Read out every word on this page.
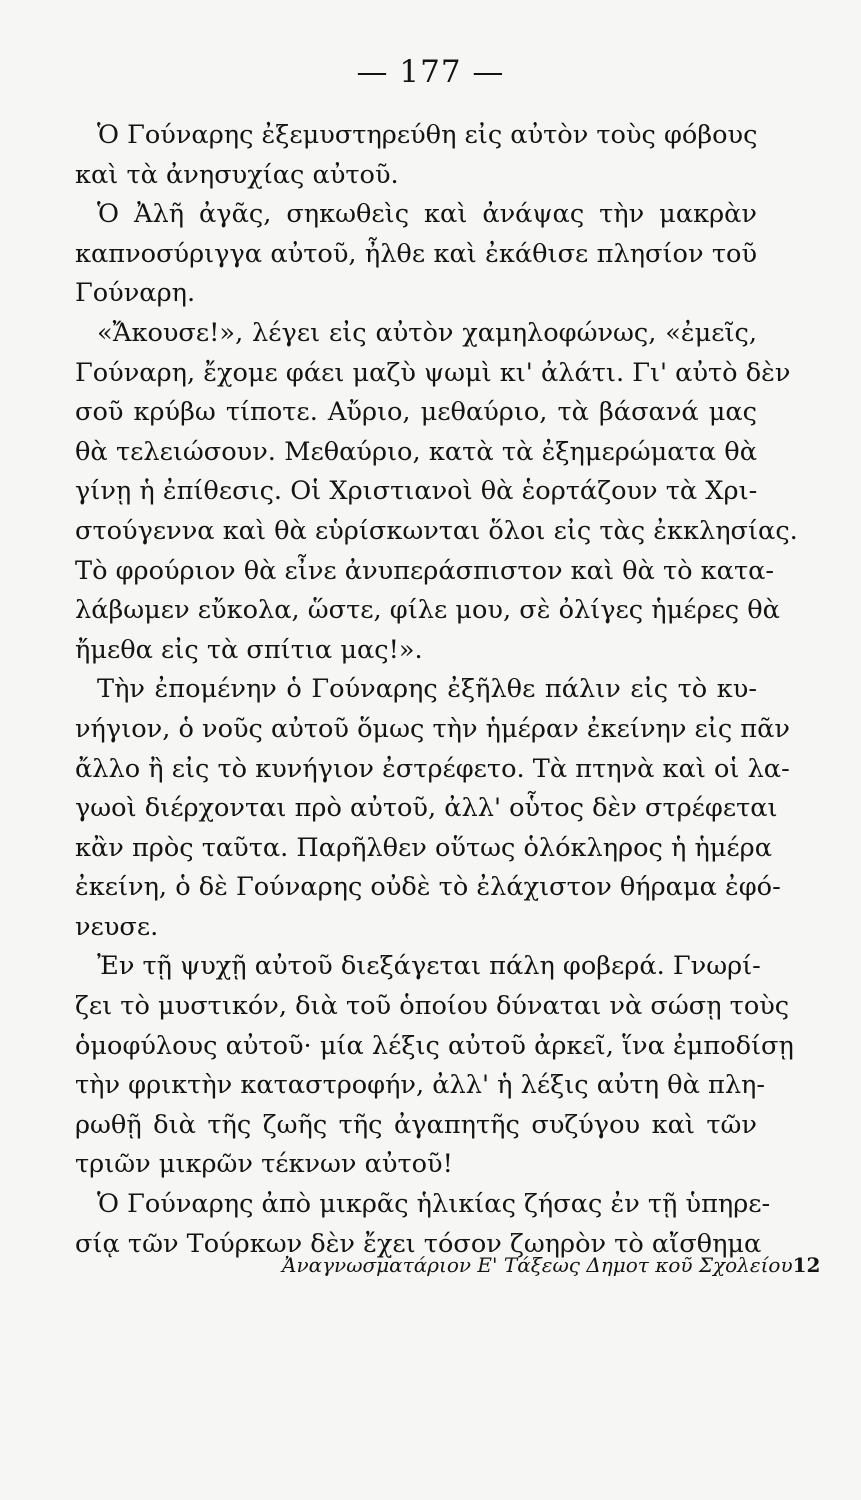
— 177 —
Ὁ Γούναρης ἐξεμυστηρεύθη εἰς αὐτὸν τοὺς φόβους
καὶ τὰ ἀνησυχίας αὐτοῦ.
Ὁ Ἀλῆ ἀγᾶς, σηκωθεὶς καὶ ἀνάψας τὴν μακρὰν
καπνοσύριγγα αὐτοῦ, ἦλθε καὶ ἐκάθισε πλησίον τοῦ
Γούναρη.
«Ἄκουσε!», λέγει εἰς αὐτὸν χαμηλοφώνως, «ἐμεῖς,
Γούναρη, ἔχομε φάει μαζὺ ψωμὶ κι' ἀλάτι. Γι' αὐτὸ δὲν
σοῦ κρύβω τίποτε. Αὔριο, μεθαύριο, τὰ βάσανά μας
θὰ τελειώσουν. Μεθαύριο, κατὰ τὰ ἐξημερώματα θὰ
γίνῃ ἡ ἐπίθεσις. Οἱ Χριστιανοὶ θὰ ἑορτάζουν τὰ Χρι-
στούγεννα καὶ θὰ εὑρίσκωνται ὅλοι εἰς τὰς ἐκκλησίας.
Τὸ φρούριον θὰ εἶνε ἀνυπεράσπιστον καὶ θὰ τὸ κατα-
λάβωμεν εὔκολα, ὥστε, φίλε μου, σὲ ὀλίγες ἡμέρες θὰ
ἤμεθα εἰς τὰ σπίτια μας!».
Τὴν ἐπομένην ὁ Γούναρης ἐξῆλθε πάλιν εἰς τὸ κυ-
νήγιον, ὁ νοῦς αὐτοῦ ὅμως τὴν ἡμέραν ἐκείνην εἰς πᾶν
ἄλλο ἢ εἰς τὸ κυνήγιον ἐστρέφετο. Τὰ πτηνὰ καὶ οἱ λα-
γωοὶ διέρχονται πρὸ αὐτοῦ, ἀλλ' οὗτος δὲν στρέφεται
κἂν πρὸς ταῦτα. Παρῆλθεν οὕτως ὁλόκληρος ἡ ἡμέρα
ἐκείνη, ὁ δὲ Γούναρης οὐδὲ τὸ ἐλάχιστον θήραμα ἐφό-
νευσε.
Ἐν τῇ ψυχῇ αὐτοῦ διεξάγεται πάλη φοβερά. Γνωρί-
ζει τὸ μυστικόν, διὰ τοῦ ὁποίου δύναται νὰ σώσῃ τοὺς
ὁμοφύλους αὐτοῦ· μία λέξις αὐτοῦ ἀρκεῖ, ἵνα ἐμποδίσῃ
τὴν φρικτὴν καταστροφήν, ἀλλ' ἡ λέξις αὐτη θὰ πλη-
ρωθῇ διὰ τῆς ζωῆς τῆς ἀγαπητῆς συζύγου καὶ τῶν
τριῶν μικρῶν τέκνων αὐτοῦ!
Ὁ Γούναρης ἀπὸ μικρᾶς ἡλικίας ζήσας ἐν τῇ ὑπηρε-
σίᾳ τῶν Τούρκων δὲν ἔχει τόσον ζωηρὸν τὸ αἴσθημα
Ἀναγνωσματάριον Ε' Τάξεως Δημοτ κοῦ Σχολείου 12
